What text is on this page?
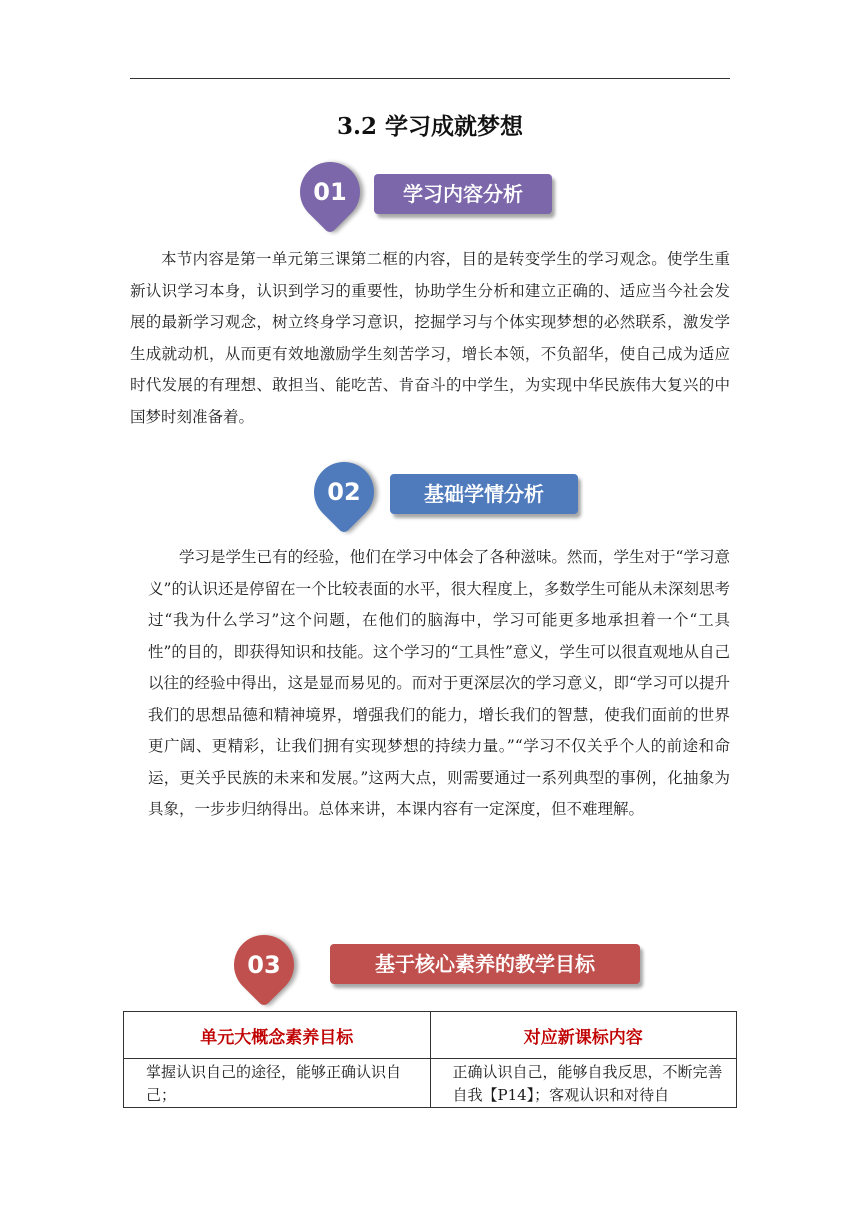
3.2 学习成就梦想
01	学习内容分析

本节内容是第一单元第三课第二框的内容，目的是转变学生的学习观念。使学生重新认识学习本身，认识到学习的重要性，协助学生分析和建立正确的、适应当今社会发展的最新学习观念，树立终身学习意识，挖掘学习与个体实现梦想的必然联系，激发学生成就动机，从而更有效地激励学生刻苦学习，增长本领，不负韶华，使自己成为适应时代发展的有理想、敢担当、能吃苦、肯奋斗的中学生，为实现中华民族伟大复兴的中国梦时刻准备着。

02	基础学情分析

学习是学生已有的经验，他们在学习中体会了各种滋味。然而，学生对于“学习意义”的认识还是停留在一个比较表面的水平，很大程度上，多数学生可能从未深刻思考过“我为什么学习”这个问题，在他们的脑海中，学习可能更多地承担着一个“工具性”的目的，即获得知识和技能。这个学习的“工具性”意义，学生可以很直观地从自己以往的经验中得出，这是显而易见的。而对于更深层次的学习意义，即“学习可以提升我们的思想品德和精神境界，增强我们的能力，增长我们的智慧，使我们面前的世界更广阔、更精彩，让我们拥有实现梦想的持续力量。”“学习不仅关乎个人的前途和命运，更关乎民族的未来和发展。”这两大点，则需要通过一系列典型的事例，化抽象为具象，一步步归纳得出。总体来讲，本课内容有一定深度，但不难理解。

03	基于核心素养的教学目标
单元大概念素养目标	对应新课标内容
掌握认识自己的途径，能够正确认识自己；	正确认识自己，能够自我反思，不断完善自我【P14】；客观认识和对待自
